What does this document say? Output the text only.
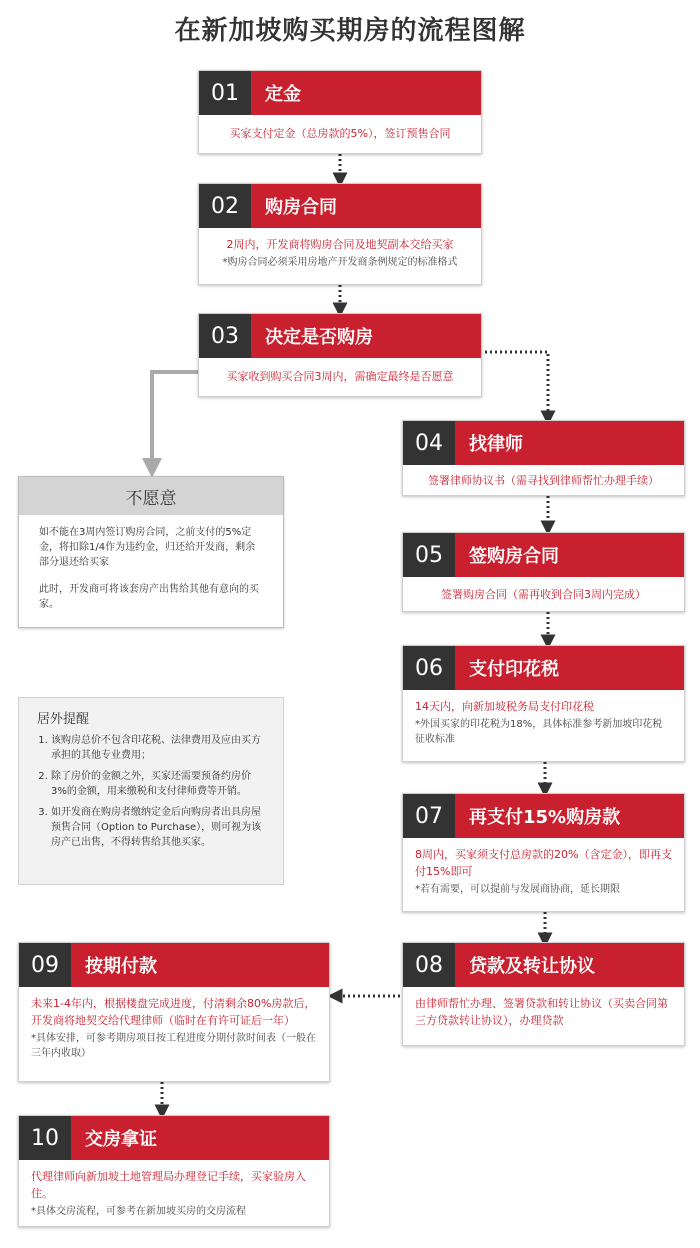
在新加坡购买期房的流程图解
01	定金
买家支付定金（总房款的5%），签订预售合同
02	购房合同
2周内，开发商将购房合同及地契副本交给买家
*购房合同必须采用房地产开发商条例规定的标准格式
03	决定是否购房
买家收到购买合同3周内，需确定最终是否愿意
不愿意
如不能在3周内签订购房合同，之前支付的5%定金，将扣除1/4作为违约金，归还给开发商，剩余部分退还给买家
此时，开发商可将该套房产出售给其他有意向的买家。
04	找律师
签署律师协议书（需寻找到律师帮忙办理手续）
05	签购房合同
签署购房合同（需再收到合同3周内完成）
06	支付印花税
14天内，向新加坡税务局支付印花税
*外国买家的印花税为18%，具体标准参考新加坡印花税征收标准
居外提醒
1. 该购房总价不包含印花税、法律费用及应由买方承担的其他专业费用；
2. 除了房价的金额之外，买家还需要预备约房价3%的金额，用来缴税和支付律师费等开销。
3. 如开发商在购房者缴纳定金后向购房者出具房屋预售合同（Option to Purchase），则可视为该房产已出售，不得转售给其他买家。
07	再支付15%购房款
8周内，买家须支付总房款的20%（含定金），即再支付15%即可
*若有需要，可以提前与发展商协商，延长期限
08	贷款及转让协议
由律师帮忙办理、签署贷款和转让协议（买卖合同第三方贷款转让协议），办理贷款
09	按期付款
未来1-4年内，根据楼盘完成进度，付清剩余80%房款后，开发商将地契交给代理律师（临时在有许可证后一年）
*具体安排，可参考期房项目按工程进度分期付款时间表（一般在三年内收取）
10	交房拿证
代理律师向新加坡土地管理局办理登记手续，买家验房入住。
*具体交房流程，可参考在新加坡买房的交房流程
